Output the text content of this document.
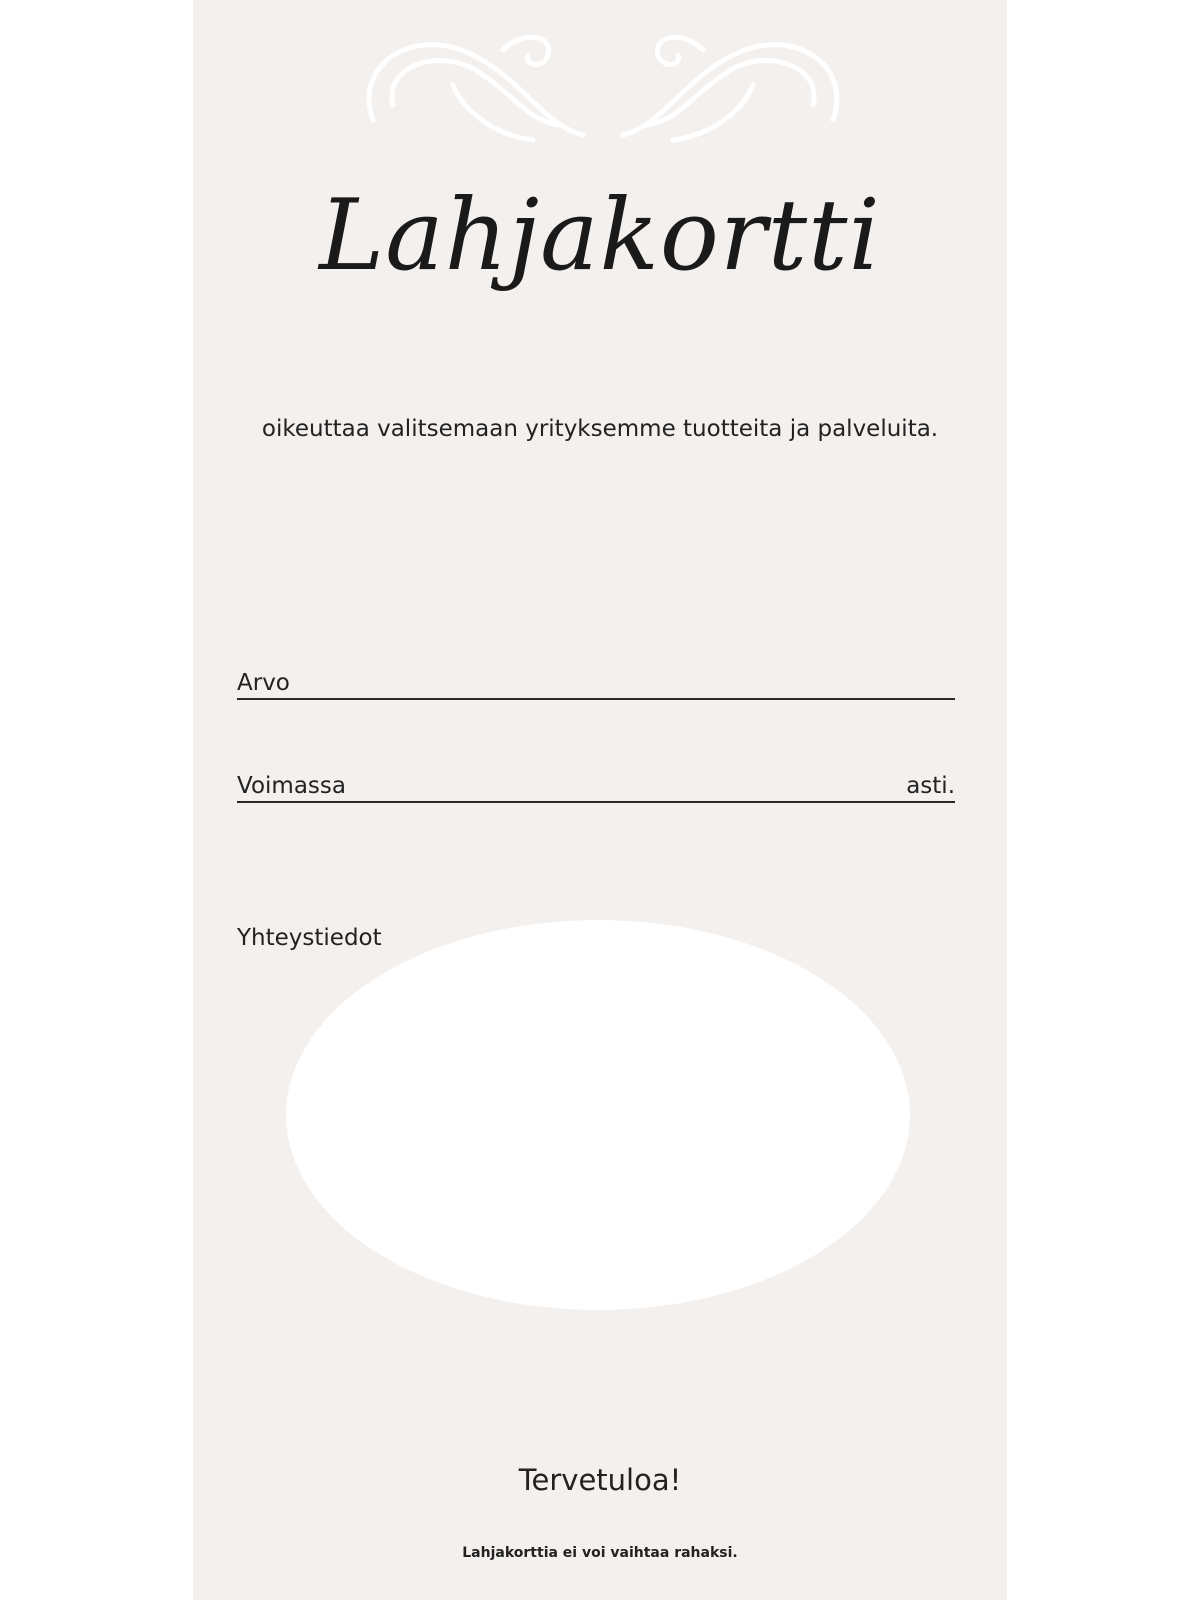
Lahjakortti
oikeuttaa valitsemaan yrityksemme tuotteita ja palveluita.
Arvo
Voimassa	asti.
Yhteystiedot
Tervetuloa!
Lahjakorttia ei voi vaihtaa rahaksi.
